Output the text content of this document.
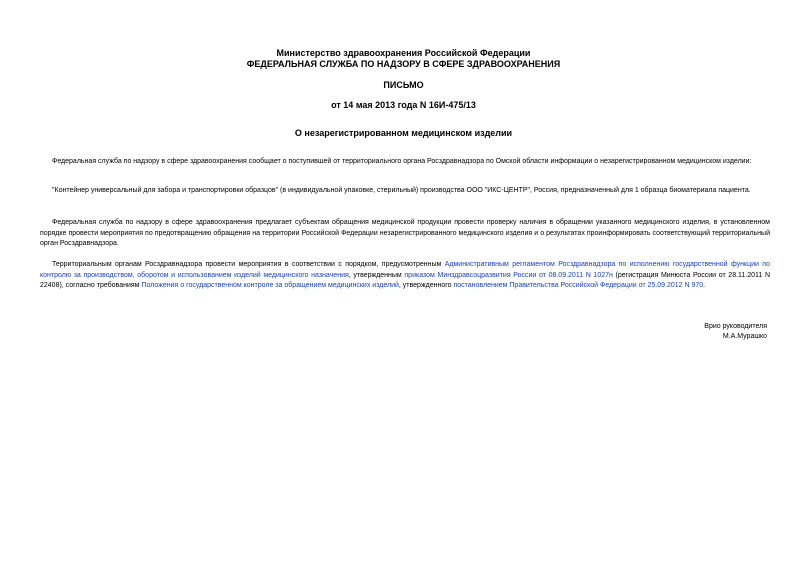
Министерство здравоохранения Российской Федерации
ФЕДЕРАЛЬНАЯ СЛУЖБА ПО НАДЗОРУ В СФЕРЕ ЗДРАВООХРАНЕНИЯ
ПИСЬМО
от 14 мая 2013 года N 16И-475/13
О незарегистрированном медицинском изделии
Федеральная служба по надзору в сфере здравоохранения сообщает о поступившей от территориального органа Росздравнадзора по Омской области информации о незарегистрированном медицинском изделии:
"Контейнер универсальный для забора и транспортировки образцов" (в индивидуальной упаковке, стерильный) производства ООО "ИКС-ЦЕНТР", Россия, предназначенный для 1 образца биоматериала пациента.
Федеральная служба по надзору в сфере здравоохранения предлагает субъектам обращения медицинской продукции провести проверку наличия в обращении указанного медицинского изделия, в установленном порядке провести мероприятия по предотвращению обращения на территории Российской Федерации незарегистрированного медицинского изделия и о результатах проинформировать соответствующий территориальный орган Росздравнадзора.
Территориальным органам Росздравнадзора провести мероприятия в соответствии с порядком, предусмотренным Административным регламентом Росздравнадзора по исполнению государственной функции по контролю за производством, оборотом и использованием изделий медицинского назначения, утвержденным приказом Минздравсоцразвития России от 08.09.2011 N 1027н (регистрация Минюста России от 28.11.2011 N 22408), согласно требованиям Положения о государственном контроле за обращением медицинских изделий, утвержденного постановлением Правительства Российской Федерации от 25.09.2012 N 970.
Врио руководителя
М.А.Мурашко
